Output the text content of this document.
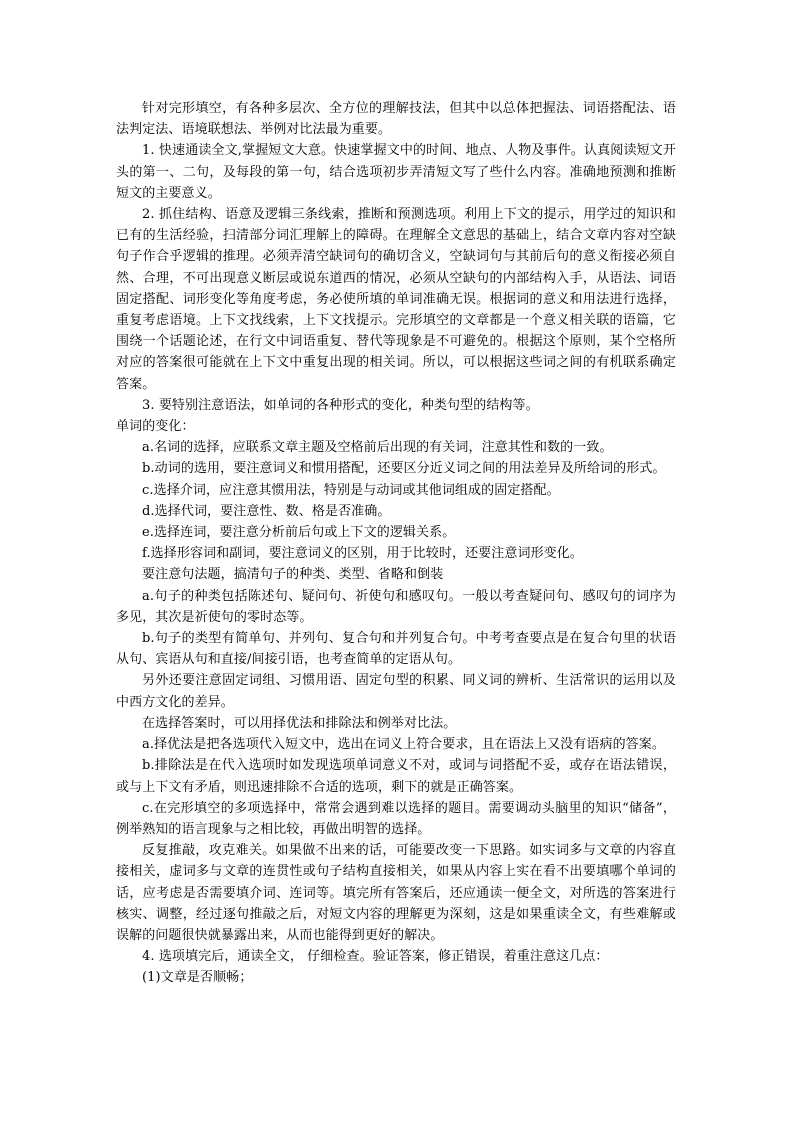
针对完形填空，有各种多层次、全方位的理解技法，但其中以总体把握法、词语搭配法、语法判定法、语境联想法、举例对比法最为重要。

1. 快速通读全文,掌握短文大意。快速掌握文中的时间、地点、人物及事件。认真阅读短文开头的第一、二句，及每段的第一句，结合选项初步弄清短文写了些什么内容。准确地预测和推断短文的主要意义。

2. 抓住结构、语意及逻辑三条线索，推断和预测选项。利用上下文的提示，用学过的知识和已有的生活经验，扫清部分词汇理解上的障碍。在理解全文意思的基础上，结合文章内容对空缺句子作合乎逻辑的推理。必须弄清空缺词句的确切含义，空缺词句与其前后句的意义衔接必须自然、合理，不可出现意义断层或说东道西的情况，必须从空缺句的内部结构入手，从语法、词语固定搭配、词形变化等角度考虑，务必使所填的单词准确无误。根据词的意义和用法进行选择，重复考虑语境。上下文找线索，上下文找提示。完形填空的文章都是一个意义相关联的语篇，它围绕一个话题论述，在行文中词语重复、替代等现象是不可避免的。根据这个原则，某个空格所对应的答案很可能就在上下文中重复出现的相关词。所以，可以根据这些词之间的有机联系确定答案。

3. 要特别注意语法，如单词的各种形式的变化，种类句型的结构等。

单词的变化：

a.名词的选择，应联系文章主题及空格前后出现的有关词，注意其性和数的一致。

b.动词的选用，要注意词义和惯用搭配，还要区分近义词之间的用法差异及所给词的形式。

c.选择介词，应注意其惯用法，特别是与动词或其他词组成的固定搭配。

d.选择代词，要注意性、数、格是否准确。

e.选择连词，要注意分析前后句或上下文的逻辑关系。

f.选择形容词和副词，要注意词义的区别，用于比较时，还要注意词形变化。

要注意句法题，搞清句子的种类、类型、省略和倒装

a.句子的种类包括陈述句、疑问句、祈使句和感叹句。一般以考查疑问句、感叹句的词序为多见，其次是祈使句的零时态等。

b.句子的类型有简单句、并列句、复合句和并列复合句。中考考查要点是在复合句里的状语从句、宾语从句和直接/间接引语，也考查简单的定语从句。

另外还要注意固定词组、习惯用语、固定句型的积累、同义词的辨析、生活常识的运用以及中西方文化的差异。

在选择答案时，可以用择优法和排除法和例举对比法。

a.择优法是把各选项代入短文中，选出在词义上符合要求，且在语法上又没有语病的答案。

b.排除法是在代入选项时如发现选项单词意义不对，或词与词搭配不妥，或存在语法错误，或与上下文有矛盾，则迅速排除不合适的选项，剩下的就是正确答案。

c.在完形填空的多项选择中，常常会遇到难以选择的题目。需要调动头脑里的知识“储备”，例举熟知的语言现象与之相比较，再做出明智的选择。

反复推敲，攻克难关。如果做不出来的话，可能要改变一下思路。如实词多与文章的内容直接相关，虚词多与文章的连贯性或句子结构直接相关，如果从内容上实在看不出要填哪个单词的话，应考虑是否需要填介词、连词等。填完所有答案后，还应通读一便全文，对所选的答案进行核实、调整，经过逐句推敲之后，对短文内容的理解更为深刻，这是如果重读全文，有些难解或误解的问题很快就暴露出来，从而也能得到更好的解决。

4. 选项填完后，通读全文， 仔细检查。验证答案，修正错误，着重注意这几点：

(1)文章是否顺畅；
